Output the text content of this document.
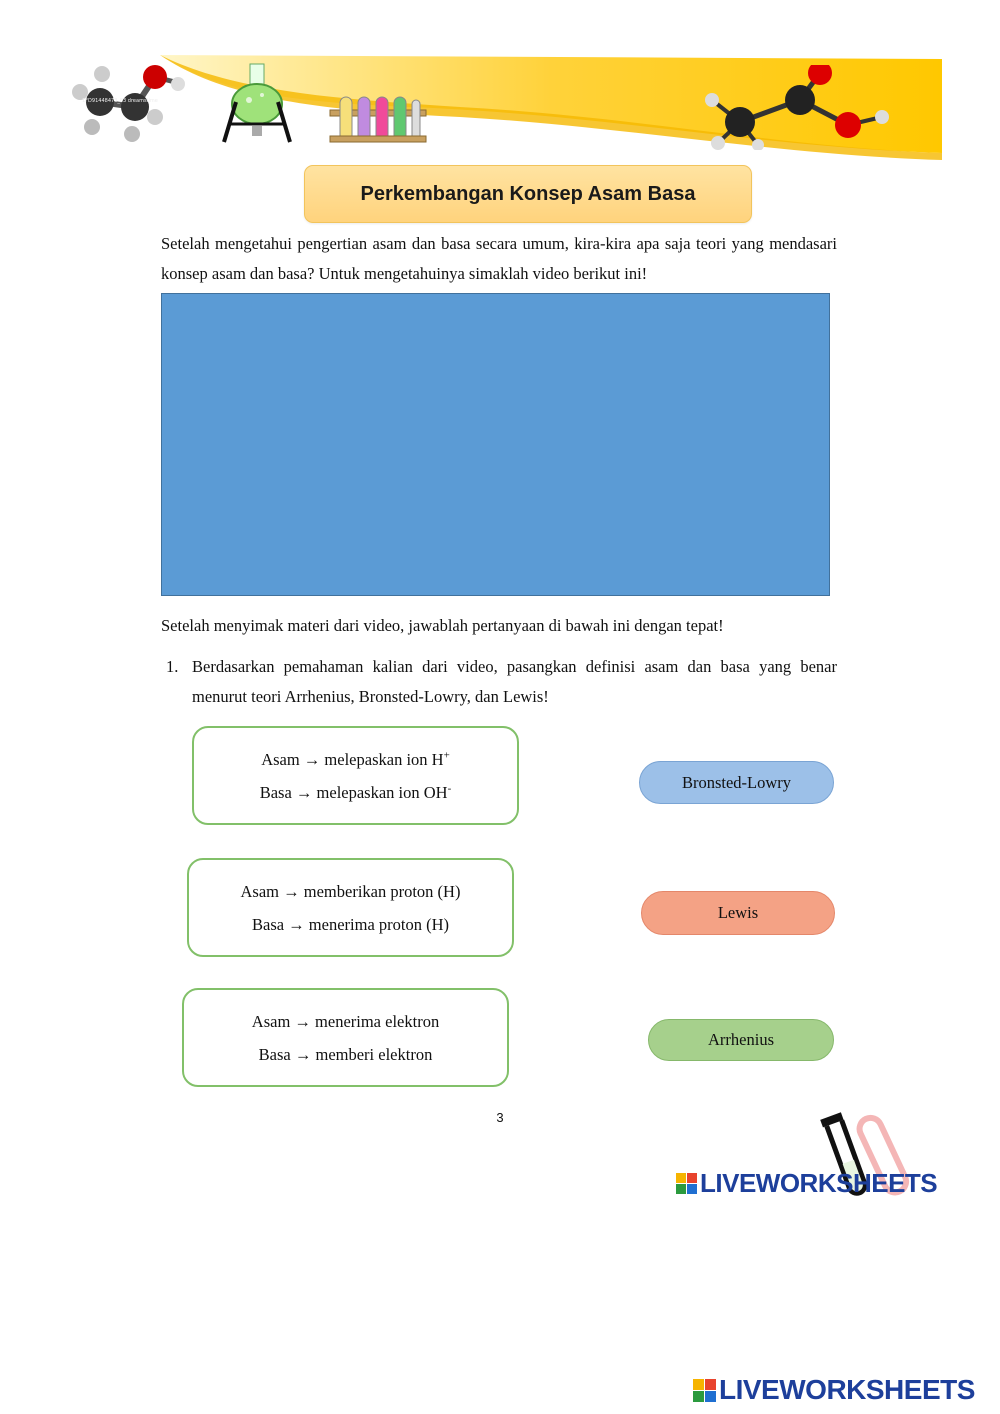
1FD91448473_83 dreamstime
Perkembangan Konsep Asam Basa
Setelah mengetahui pengertian asam dan basa secara umum, kira-kira apa saja teori yang mendasari konsep asam dan basa? Untuk mengetahuinya simaklah video berikut ini!
Setelah menyimak materi dari video, jawablah pertanyaan di bawah ini dengan tepat!
1. Berdasarkan pemahaman kalian dari video, pasangkan definisi asam dan basa yang benar menurut teori Arrhenius, Bronsted-Lowry, dan Lewis!
Asam → melepaskan ion H+
Basa → melepaskan ion OH-
Asam → memberikan proton (H)
Basa → menerima proton (H)
Asam → menerima elektron
Basa → memberi elektron
Bronsted-Lowry
Lewis
Arrhenius
3
LIVEWORKSHEETS
LIVEWORKSHEETS
